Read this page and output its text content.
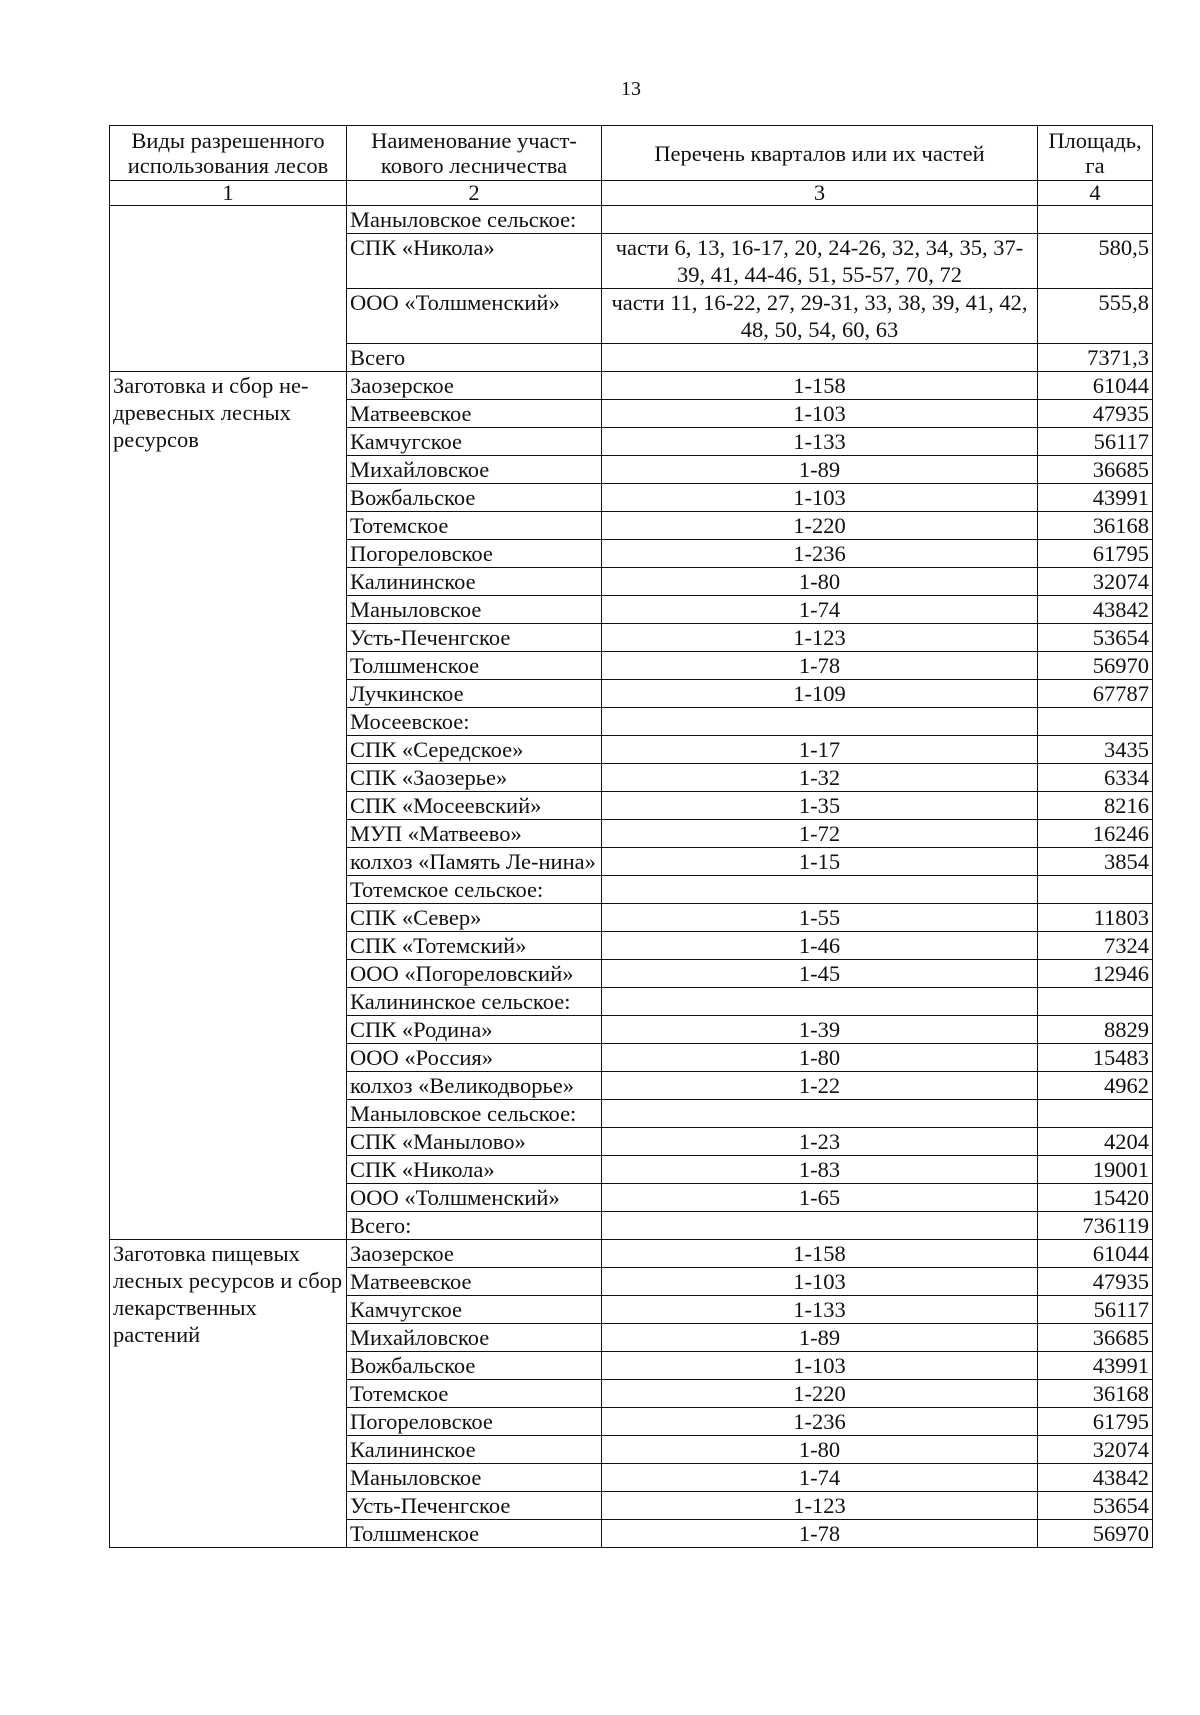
13
Виды разрешенного использования лесов	Наименование участ-кового лесничества	Перечень кварталов или их частей	Площадь, га
1	2	3	4
	Маныловское сельское:		
	СПК «Никола»	части 6, 13, 16-17, 20, 24-26, 32, 34, 35, 37-39, 41, 44-46, 51, 55-57, 70, 72	580,5
	ООО «Толшменский»	части 11, 16-22, 27, 29-31, 33, 38, 39, 41, 42, 48, 50, 54, 60, 63	555,8
	Всего		7371,3
Заготовка и сбор не-древесных лесных ресурсов	Заозерское	1-158	61044
	Матвеевское	1-103	47935
	Камчугское	1-133	56117
	Михайловское	1-89	36685
	Вожбальское	1-103	43991
	Тотемское	1-220	36168
	Погореловское	1-236	61795
	Калининское	1-80	32074
	Маныловское	1-74	43842
	Усть-Печенгское	1-123	53654
	Толшменское	1-78	56970
	Лучкинское	1-109	67787
	Мосеевское:		
	СПК «Середское»	1-17	3435
	СПК «Заозерье»	1-32	6334
	СПК «Мосеевский»	1-35	8216
	МУП «Матвеево»	1-72	16246
	колхоз «Память Ле-нина»	1-15	3854
	Тотемское сельское:		
	СПК «Север»	1-55	11803
	СПК «Тотемский»	1-46	7324
	ООО «Погореловский»	1-45	12946
	Калининское сельское:		
	СПК «Родина»	1-39	8829
	ООО «Россия»	1-80	15483
	колхоз «Великодворье»	1-22	4962
	Маныловское сельское:		
	СПК «Манылово»	1-23	4204
	СПК «Никола»	1-83	19001
	ООО «Толшменский»	1-65	15420
	Всего:		736119
Заготовка пищевых лесных ресурсов и сбор лекарственных растений	Заозерское	1-158	61044
	Матвеевское	1-103	47935
	Камчугское	1-133	56117
	Михайловское	1-89	36685
	Вожбальское	1-103	43991
	Тотемское	1-220	36168
	Погореловское	1-236	61795
	Калининское	1-80	32074
	Маныловское	1-74	43842
	Усть-Печенгское	1-123	53654
	Толшменское	1-78	56970
